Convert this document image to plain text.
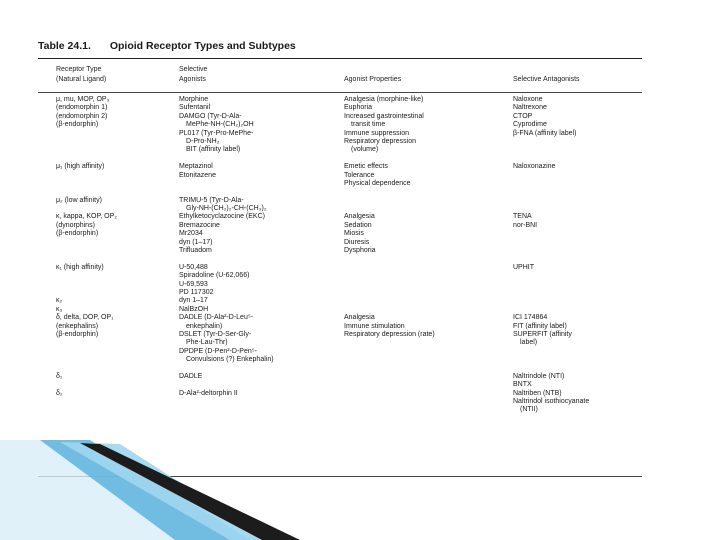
Table 24.1. Opioid Receptor Types and Subtypes
Receptor Type
(Natural Ligand)
Selective
Agonists
	Agonist Properties
	Selective Antagonists
μ, mu, MOP, OP₃
(endomorphin 1)
(endomorphin 2)
(β-endorphin)
μ₁ (high affinity)
μ₂ (low affinity)
κ, kappa, KOP, OP₂
(dynorphins)
(β-endorphin)
κ₁ (high affinity)
κ₂
κ₃
δ, delta, DOP, OP₁
(enkephalins)
(β-endorphin)
δ₁
δ₂
Morphine
Sufentanil
DAMGO (Tyr-D-Ala-
MePhe-NH-(CH₂)₂OH
PL017 (Tyr-Pro-MePhe-
D-Pro-NH₂
BIT (affinity label)
Meptazinol
Etonitazene
TRIMU-5 (Tyr-D-Ala-
Gly-NH-(CH₂)₂-CH-(CH₃)₂
Ethylketocyclazocine (EKC)
Bremazocine
Mr2034
dyn (1–17)
Trifluadom
U-50,488
Spiradoline (U-62,066)
U-69,593
PD 117302
dyn 1–17
NalBzOH
DADLE (D-Ala²-D-Leu⁵-
enkephalin)
DSLET (Tyr-D-Ser-Gly-
Phe-Lau-Thr)
DPDPE (D-Pen²-D-Pen⁵-
Convulsions (?) Enkephalin)
DADLE
D-Ala²-deltorphin II
Analgesia (morphine-like)
Euphoria
Increased gastrointestinal
transit time
Immune suppression
Respiratory depression
(volume)
Emetic effects
Tolerance
Physical dependence
Analgesia
Sedation
Miosis
Diuresis
Dysphoria
Analgesia
Immune stimulation
Respiratory depression (rate)
Naloxone
Naltrexone
CTOP
Cyprodime
β-FNA (affinity label)
Naloxonazine
TENA
nor-BNI
UPHIT
ICI 174864
FIT (affinity label)
SUPERFIT (affinity
label)
Naltrindole (NTI)
BNTX
Naltriben (NTB)
Naltrindol isothiocyanate
(NTII)
